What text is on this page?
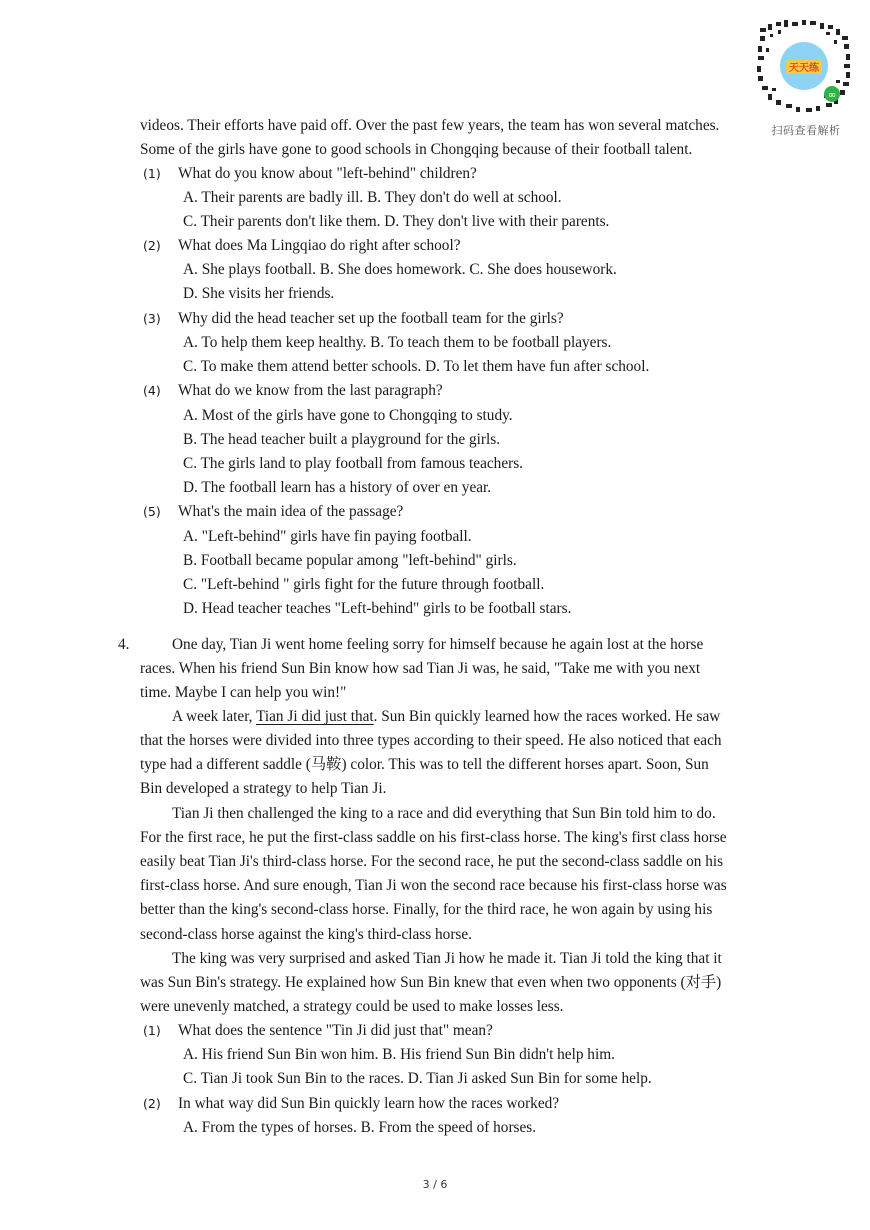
天天练
∞
扫码查看解析
videos. Their efforts have paid off. Over the past few years, the team has won several matches.
Some of the girls have gone to good schools in Chongqing because of their football talent.
(1) What do you know about "left-behind" children?
A. Their parents are badly ill. B. They don't do well at school.
C. Their parents don't like them. D. They don't live with their parents.
(2) What does Ma Lingqiao do right after school?
A. She plays football. B. She does homework. C. She does housework.
D. She visits her friends.
(3) Why did the head teacher set up the football team for the girls?
A. To help them keep healthy. B. To teach them to be football players.
C. To make them attend better schools. D. To let them have fun after school.
(4) What do we know from the last paragraph?
A. Most of the girls have gone to Chongqing to study.
B. The head teacher built a playground for the girls.
C. The girls land to play football from famous teachers.
D. The football learn has a history of over en year.
(5) What's the main idea of the passage?
A. "Left-behind" girls have fin paying football.
B. Football became popular among "left-behind" girls.
C. "Left-behind " girls fight for the future through football.
D. Head teacher teaches "Left-behind" girls to be football stars.
4.	One day, Tian Ji went home feeling sorry for himself because he again lost at the horse
races. When his friend Sun Bin know how sad Tian Ji was, he said, "Take me with you next
time. Maybe I can help you win!"
A week later, Tian Ji did just that. Sun Bin quickly learned how the races worked. He saw
that the horses were divided into three types according to their speed. He also noticed that each
type had a different saddle (马鞍) color. This was to tell the different horses apart. Soon, Sun
Bin developed a strategy to help Tian Ji.
Tian Ji then challenged the king to a race and did everything that Sun Bin told him to do.
For the first race, he put the first-class saddle on his first-class horse. The king's first class horse
easily beat Tian Ji's third-class horse. For the second race, he put the second-class saddle on his
first-class horse. And sure enough, Tian Ji won the second race because his first-class horse was
better than the king's second-class horse. Finally, for the third race, he won again by using his
second-class horse against the king's third-class horse.
The king was very surprised and asked Tian Ji how he made it. Tian Ji told the king that it
was Sun Bin's strategy. He explained how Sun Bin knew that even when two opponents (对手)
were unevenly matched, a strategy could be used to make losses less.
(1) What does the sentence "Tin Ji did just that" mean?
A. His friend Sun Bin won him. B. His friend Sun Bin didn't help him.
C. Tian Ji took Sun Bin to the races. D. Tian Ji asked Sun Bin for some help.
(2) In what way did Sun Bin quickly learn how the races worked?
A. From the types of horses. B. From the speed of horses.
3 / 6
